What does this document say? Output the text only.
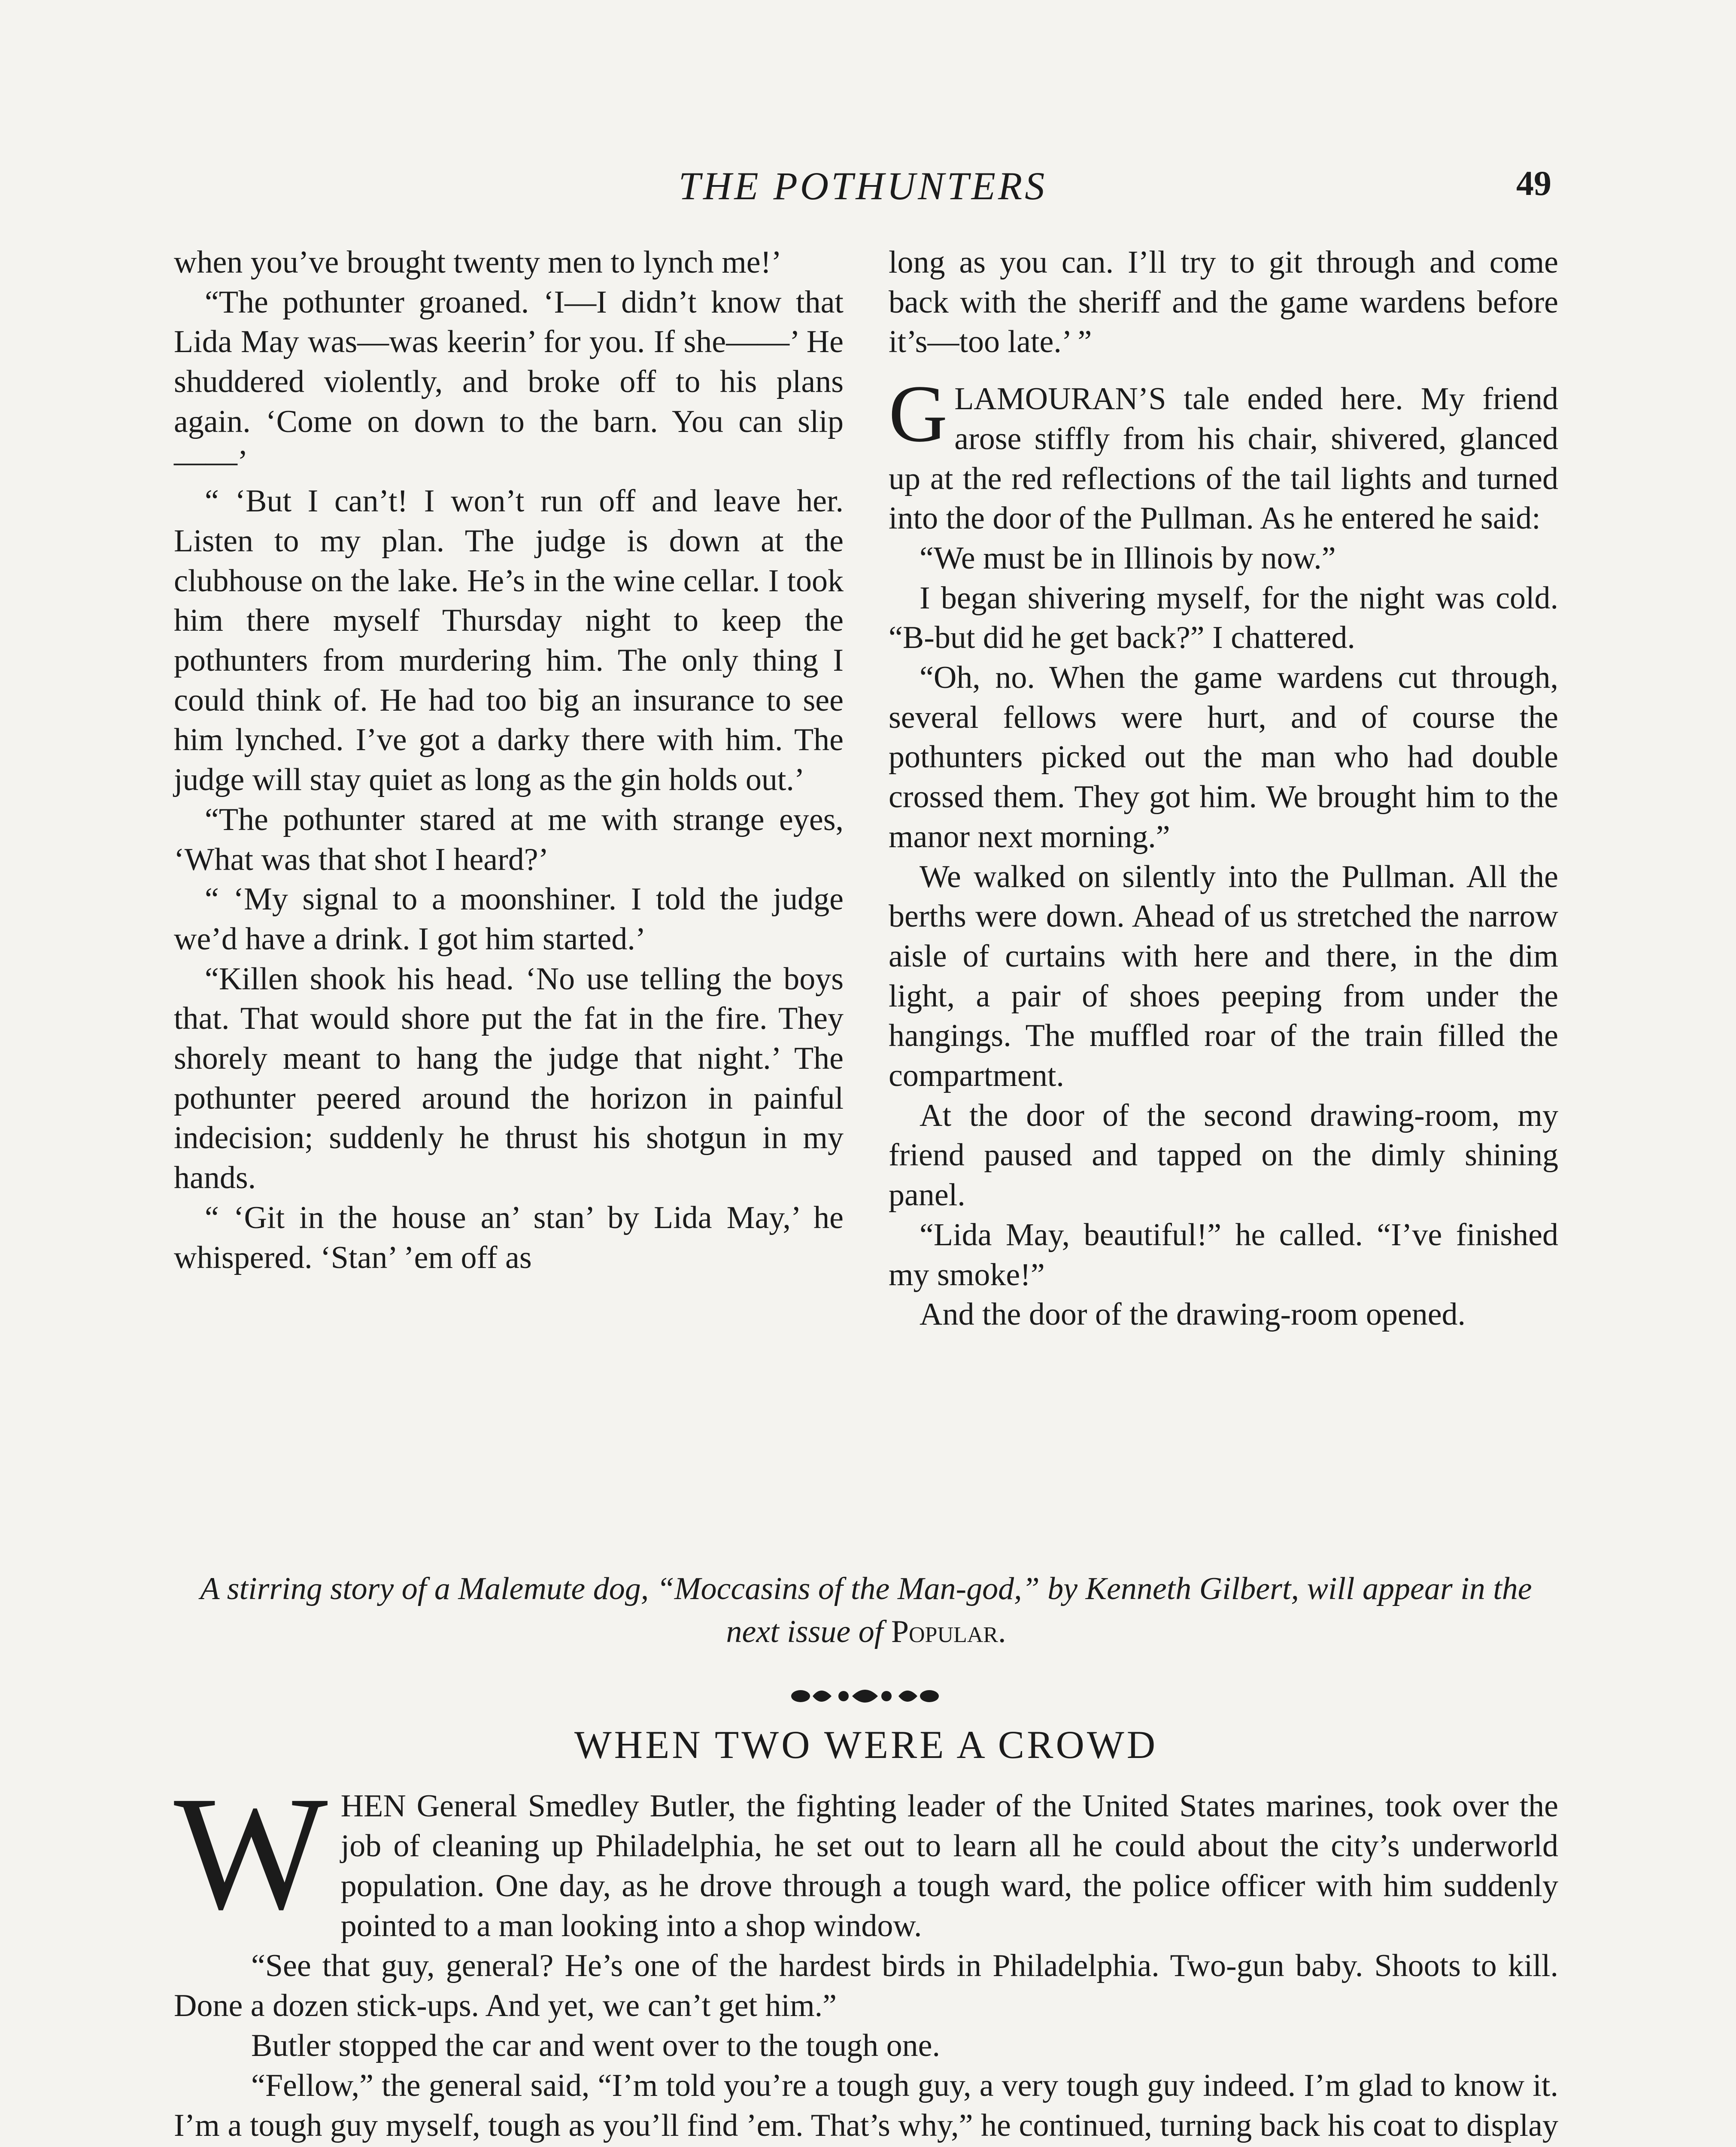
THE POTHUNTERS	49

when you’ve brought twenty men to lynch me!’

“The pothunter groaned. ‘I—I didn’t know that Lida May was—was keerin’ for you. If she——’ He shuddered violently, and broke off to his plans again. ‘Come on down to the barn. You can slip——’

“ ‘But I can’t! I won’t run off and leave her. Listen to my plan. The judge is down at the clubhouse on the lake. He’s in the wine cellar. I took him there myself Thursday night to keep the pothunters from murdering him. The only thing I could think of. He had too big an insurance to see him lynched. I’ve got a darky there with him. The judge will stay quiet as long as the gin holds out.’

“The pothunter stared at me with strange eyes, ‘What was that shot I heard?’

“ ‘My signal to a moonshiner. I told the judge we’d have a drink. I got him started.’

“Killen shook his head. ‘No use telling the boys that. That would shore put the fat in the fire. They shorely meant to hang the judge that night.’ The pothunter peered around the horizon in painful indecision; suddenly he thrust his shotgun in my hands.

“ ‘Git in the house an’ stan’ by Lida May,’ he whispered. ‘Stan’ ’em off as

long as you can. I’ll try to git through and come back with the sheriff and the game wardens before it’s—too late.’ ”

GLAMOURAN’S tale ended here. My friend arose stiffly from his chair, shivered, glanced up at the red reflections of the tail lights and turned into the door of the Pullman. As he entered he said:

“We must be in Illinois by now.”

I began shivering myself, for the night was cold. “B-but did he get back?” I chattered.

“Oh, no. When the game wardens cut through, several fellows were hurt, and of course the pothunters picked out the man who had double crossed them. They got him. We brought him to the manor next morning.”

We walked on silently into the Pullman. All the berths were down. Ahead of us stretched the narrow aisle of curtains with here and there, in the dim light, a pair of shoes peeping from under the hangings. The muffled roar of the train filled the compartment.

At the door of the second drawing-room, my friend paused and tapped on the dimly shining panel.

“Lida May, beautiful!” he called. “I’ve finished my smoke!”

And the door of the drawing-room opened.

A stirring story of a Malemute dog, “Moccasins of the Man-god,” by Kenneth Gilbert, will appear in the next issue of Popular.
WHEN TWO WERE A CROWD

WHEN General Smedley Butler, the fighting leader of the United States marines, took over the job of cleaning up Philadelphia, he set out to learn all he could about the city’s underworld population. One day, as he drove through a tough ward, the police officer with him suddenly pointed to a man looking into a shop window.

“See that guy, general? He’s one of the hardest birds in Philadelphia. Two-gun baby. Shoots to kill. Done a dozen stick-ups. And yet, we can’t get him.”

Butler stopped the car and went over to the tough one.

“Fellow,” the general said, “I’m told you’re a tough guy, a very tough guy indeed. I’m glad to know it. I’m a tough guy myself, tough as you’ll find ’em. That’s why,” he continued, turning back his coat to display
